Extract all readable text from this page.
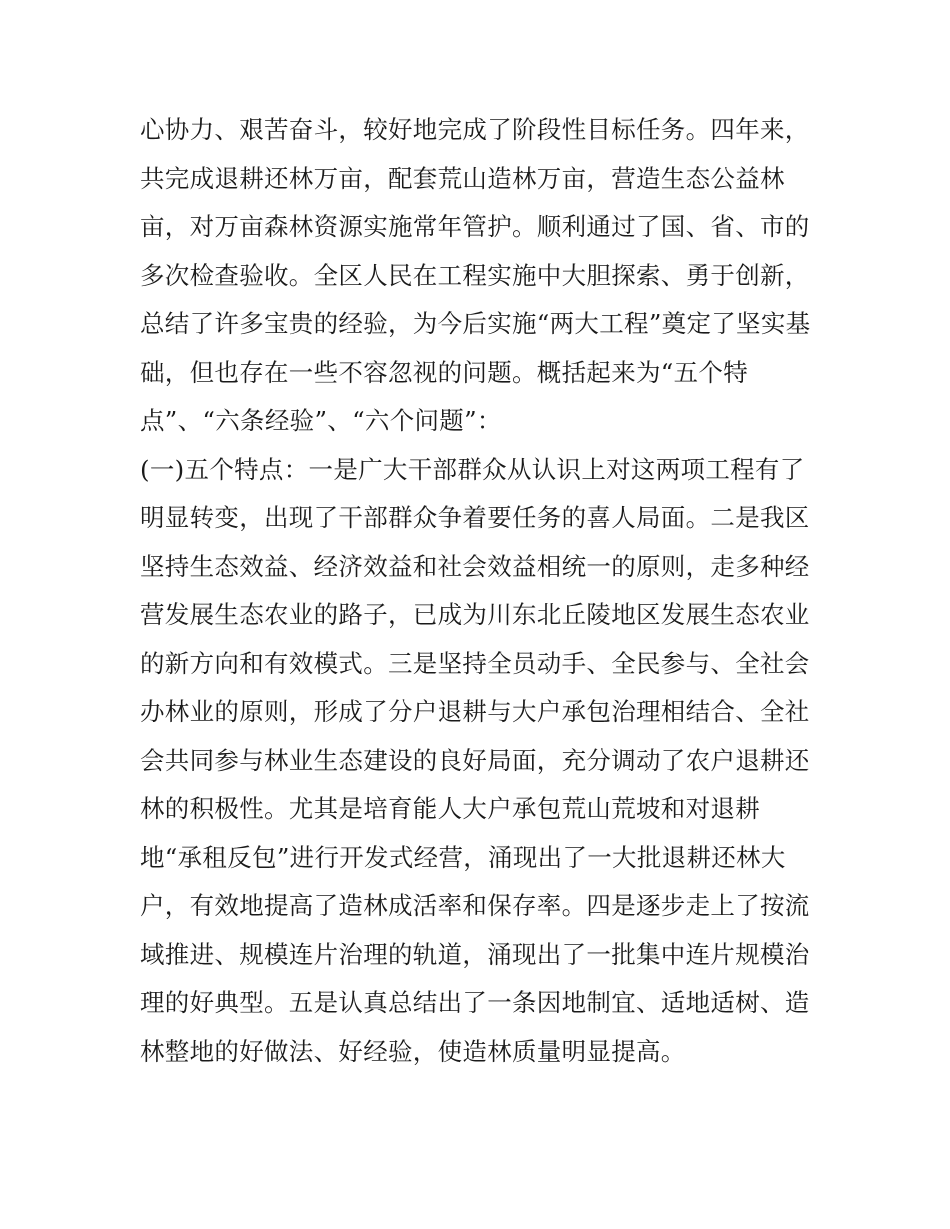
心协力、艰苦奋斗，较好地完成了阶段性目标任务。四年来，
共完成退耕还林万亩，配套荒山造林万亩，营造生态公益林
亩，对万亩森林资源实施常年管护。顺利通过了国、省、市的
多次检查验收。全区人民在工程实施中大胆探索、勇于创新，
总结了许多宝贵的经验，为今后实施“两大工程”奠定了坚实基
础，但也存在一些不容忽视的问题。概括起来为“五个特
点”、“六条经验”、“六个问题”：
(一)五个特点：一是广大干部群众从认识上对这两项工程有了
明显转变，出现了干部群众争着要任务的喜人局面。二是我区
坚持生态效益、经济效益和社会效益相统一的原则，走多种经
营发展生态农业的路子，已成为川东北丘陵地区发展生态农业
的新方向和有效模式。三是坚持全员动手、全民参与、全社会
办林业的原则，形成了分户退耕与大户承包治理相结合、全社
会共同参与林业生态建设的良好局面，充分调动了农户退耕还
林的积极性。尤其是培育能人大户承包荒山荒坡和对退耕
地“承租反包”进行开发式经营，涌现出了一大批退耕还林大
户，有效地提高了造林成活率和保存率。四是逐步走上了按流
域推进、规模连片治理的轨道，涌现出了一批集中连片规模治
理的好典型。五是认真总结出了一条因地制宜、适地适树、造
林整地的好做法、好经验，使造林质量明显提高。
